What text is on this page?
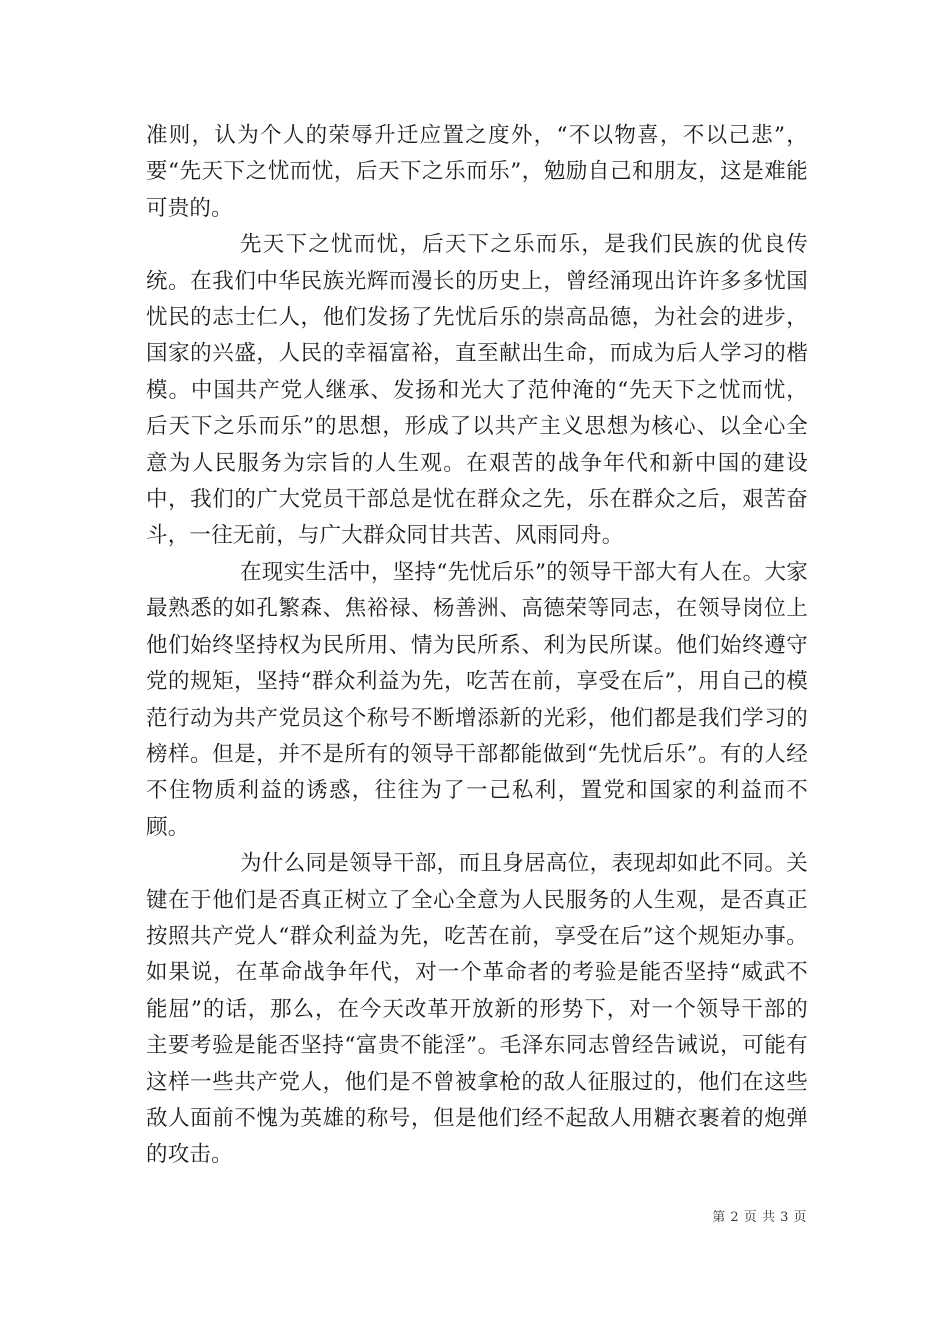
准则，认为个人的荣辱升迁应置之度外，“不以物喜，不以己悲”，要“先天下之忧而忧，后天下之乐而乐”，勉励自己和朋友，这是难能可贵的。

先天下之忧而忧，后天下之乐而乐，是我们民族的优良传统。在我们中华民族光辉而漫长的历史上，曾经涌现出许许多多忧国忧民的志士仁人，他们发扬了先忧后乐的崇高品德，为社会的进步，国家的兴盛，人民的幸福富裕，直至献出生命，而成为后人学习的楷模。中国共产党人继承、发扬和光大了范仲淹的“先天下之忧而忧，后天下之乐而乐”的思想，形成了以共产主义思想为核心、以全心全意为人民服务为宗旨的人生观。在艰苦的战争年代和新中国的建设中，我们的广大党员干部总是忧在群众之先，乐在群众之后，艰苦奋斗，一往无前，与广大群众同甘共苦、风雨同舟。

在现实生活中，坚持“先忧后乐”的领导干部大有人在。大家最熟悉的如孔繁森、焦裕禄、杨善洲、高德荣等同志，在领导岗位上他们始终坚持权为民所用、情为民所系、利为民所谋。他们始终遵守党的规矩，坚持“群众利益为先，吃苦在前，享受在后”，用自己的模范行动为共产党员这个称号不断增添新的光彩，他们都是我们学习的榜样。但是，并不是所有的领导干部都能做到“先忧后乐”。有的人经不住物质利益的诱惑，往往为了一己私利，置党和国家的利益而不顾。

为什么同是领导干部，而且身居高位，表现却如此不同。关键在于他们是否真正树立了全心全意为人民服务的人生观，是否真正按照共产党人“群众利益为先，吃苦在前，享受在后”这个规矩办事。如果说，在革命战争年代，对一个革命者的考验是能否坚持“威武不能屈”的话，那么，在今天改革开放新的形势下，对一个领导干部的主要考验是能否坚持“富贵不能淫”。毛泽东同志曾经告诫说，可能有这样一些共产党人，他们是不曾被拿枪的敌人征服过的，他们在这些敌人面前不愧为英雄的称号，但是他们经不起敌人用糖衣裹着的炮弹的攻击。

第 2 页 共 3 页
